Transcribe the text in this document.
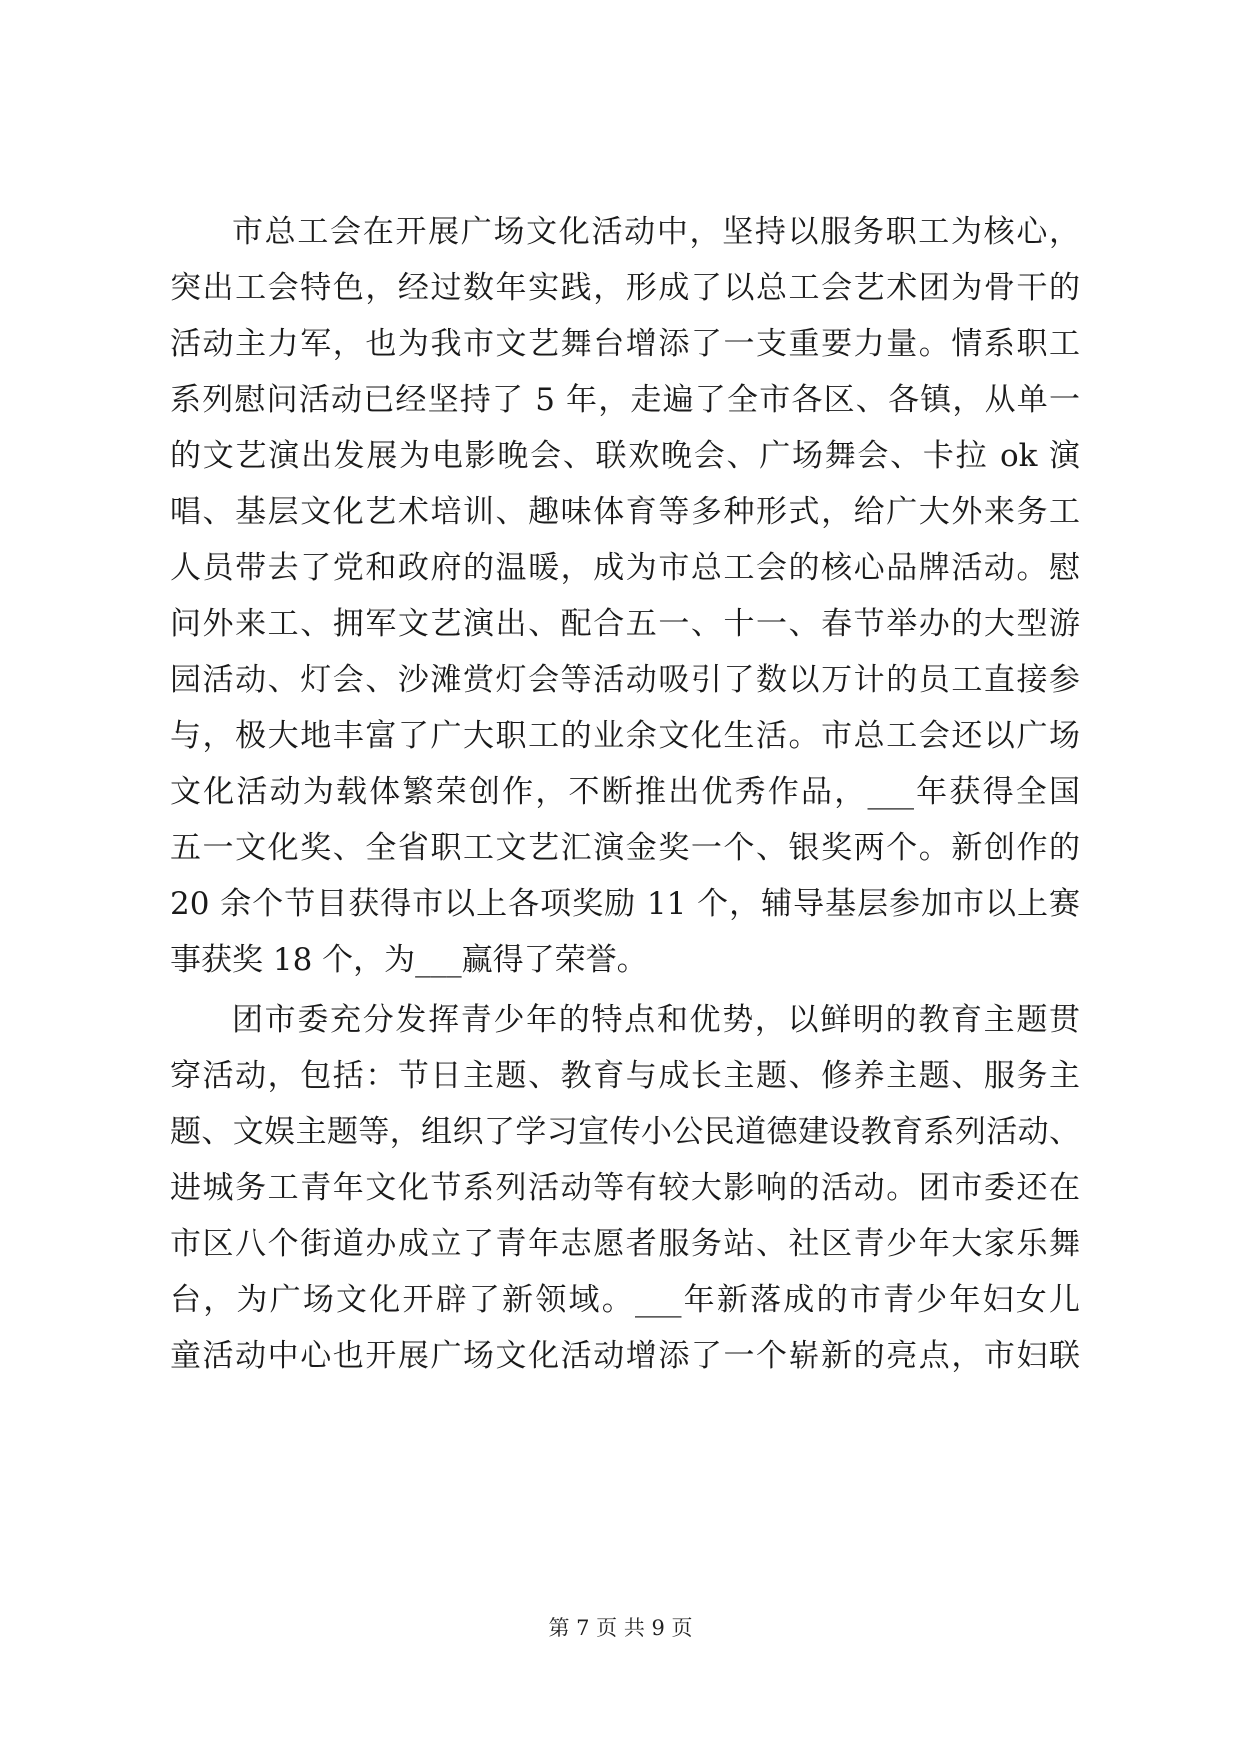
市总工会在开展广场文化活动中，坚持以服务职工为核心，
突出工会特色，经过数年实践，形成了以总工会艺术团为骨干的
活动主力军，也为我市文艺舞台增添了一支重要力量。情系职工
系列慰问活动已经坚持了 5 年，走遍了全市各区、各镇，从单一
的文艺演出发展为电影晚会、联欢晚会、广场舞会、卡拉 ok 演
唱、基层文化艺术培训、趣味体育等多种形式，给广大外来务工
人员带去了党和政府的温暖，成为市总工会的核心品牌活动。慰
问外来工、拥军文艺演出、配合五一、十一、春节举办的大型游
园活动、灯会、沙滩赏灯会等活动吸引了数以万计的员工直接参
与，极大地丰富了广大职工的业余文化生活。市总工会还以广场
文化活动为载体繁荣创作，不断推出优秀作品，___年获得全国
五一文化奖、全省职工文艺汇演金奖一个、银奖两个。新创作的
20 余个节目获得市以上各项奖励 11 个，辅导基层参加市以上赛
事获奖 18 个，为___赢得了荣誉。
团市委充分发挥青少年的特点和优势，以鲜明的教育主题贯
穿活动，包括：节日主题、教育与成长主题、修养主题、服务主
题、文娱主题等，组织了学习宣传小公民道德建设教育系列活动、
进城务工青年文化节系列活动等有较大影响的活动。团市委还在
市区八个街道办成立了青年志愿者服务站、社区青少年大家乐舞
台，为广场文化开辟了新领域。___年新落成的市青少年妇女儿
童活动中心也开展广场文化活动增添了一个崭新的亮点，市妇联
第 7 页 共 9 页
